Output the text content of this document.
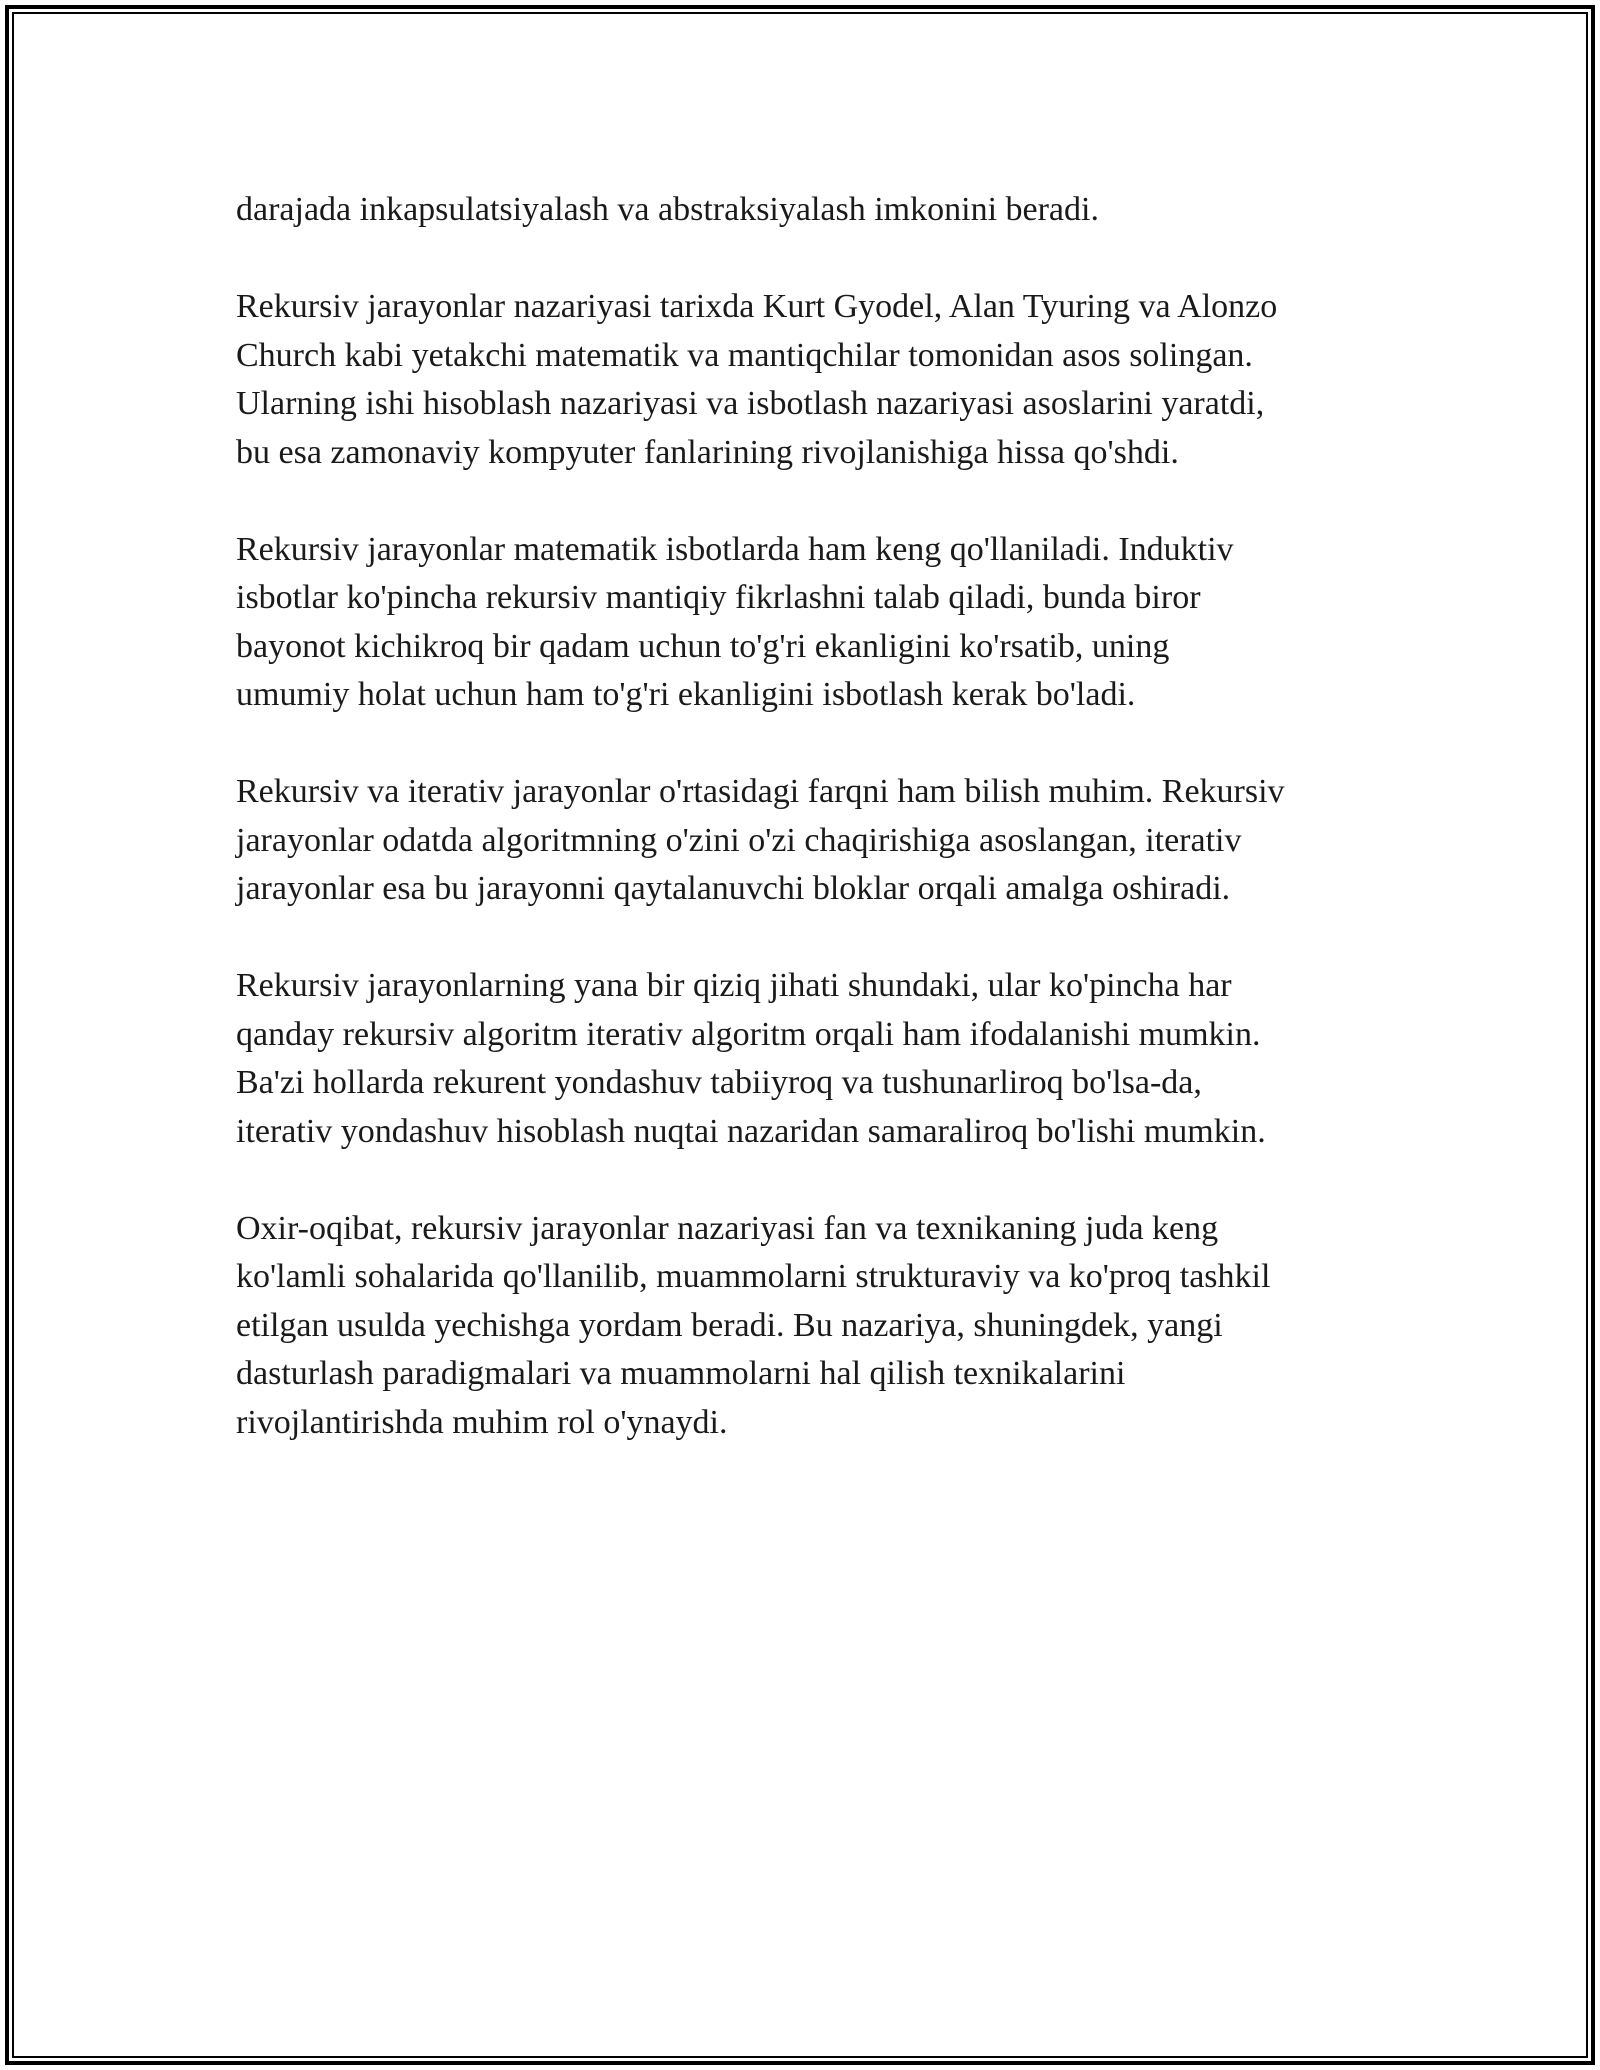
darajada inkapsulatsiyalash va abstraksiyalash imkonini beradi.

Rekursiv jarayonlar nazariyasi tarixda Kurt Gyodel, Alan Tyuring va Alonzo
Church kabi yetakchi matematik va mantiqchilar tomonidan asos solingan.
Ularning ishi hisoblash nazariyasi va isbotlash nazariyasi asoslarini yaratdi,
bu esa zamonaviy kompyuter fanlarining rivojlanishiga hissa qo'shdi.

Rekursiv jarayonlar matematik isbotlarda ham keng qo'llaniladi. Induktiv
isbotlar ko'pincha rekursiv mantiqiy fikrlashni talab qiladi, bunda biror
bayonot kichikroq bir qadam uchun to'g'ri ekanligini ko'rsatib, uning
umumiy holat uchun ham to'g'ri ekanligini isbotlash kerak bo'ladi.

Rekursiv va iterativ jarayonlar o'rtasidagi farqni ham bilish muhim. Rekursiv
jarayonlar odatda algoritmning o'zini o'zi chaqirishiga asoslangan, iterativ
jarayonlar esa bu jarayonni qaytalanuvchi bloklar orqali amalga oshiradi.

Rekursiv jarayonlarning yana bir qiziq jihati shundaki, ular ko'pincha har
qanday rekursiv algoritm iterativ algoritm orqali ham ifodalanishi mumkin.
Ba'zi hollarda rekurent yondashuv tabiiyroq va tushunarliroq bo'lsa-da,
iterativ yondashuv hisoblash nuqtai nazaridan samaraliroq bo'lishi mumkin.

Oxir-oqibat, rekursiv jarayonlar nazariyasi fan va texnikaning juda keng
ko'lamli sohalarida qo'llanilib, muammolarni strukturaviy va ko'proq tashkil
etilgan usulda yechishga yordam beradi. Bu nazariya, shuningdek, yangi
dasturlash paradigmalari va muammolarni hal qilish texnikalarini
rivojlantirishda muhim rol o'ynaydi.
